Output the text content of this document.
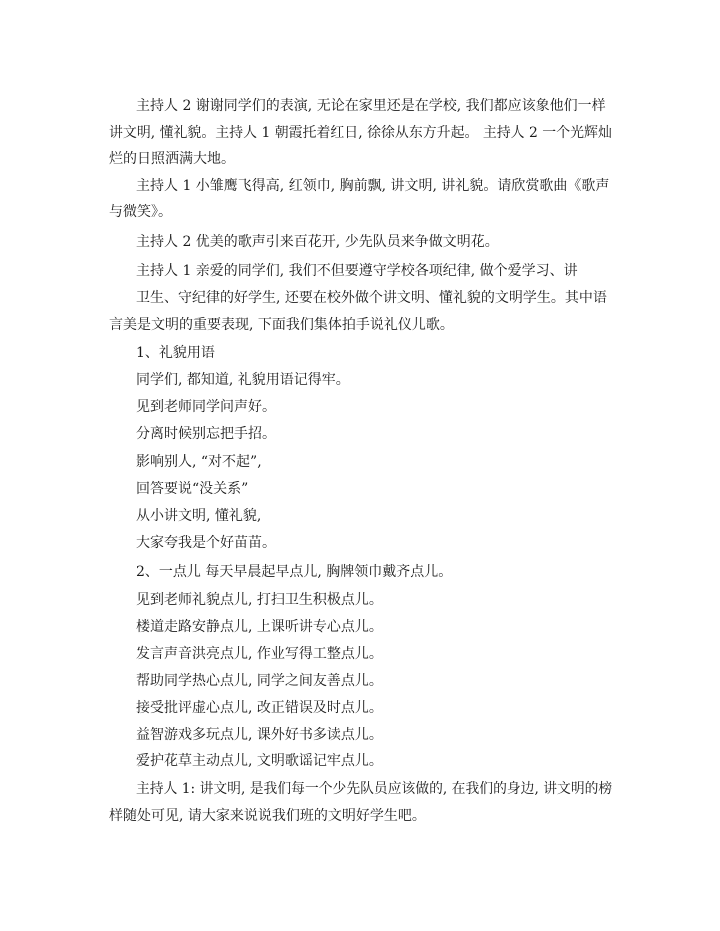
主持人 2 谢谢同学们的表演, 无论在家里还是在学校, 我们都应该象他们一样
讲文明, 懂礼貌。主持人 1 朝霞托着红日, 徐徐从东方升起。 主持人 2 一个光辉灿
烂的日照洒满大地。
主持人 1 小雏鹰飞得高, 红领巾, 胸前飘, 讲文明, 讲礼貌。请欣赏歌曲《歌声
与微笑》。
主持人 2 优美的歌声引来百花开, 少先队员来争做文明花。
主持人 1 亲爱的同学们, 我们不但要遵守学校各项纪律, 做个爱学习、讲
卫生、守纪律的好学生, 还要在校外做个讲文明、懂礼貌的文明学生。其中语
言美是文明的重要表现, 下面我们集体拍手说礼仪儿歌。
1、礼貌用语
同学们, 都知道, 礼貌用语记得牢。
见到老师同学问声好。
分离时候别忘把手招。
影响别人, “对不起”,
回答要说“没关系”
从小讲文明, 懂礼貌,
大家夸我是个好苗苗。
2、一点儿 每天早晨起早点儿, 胸牌领巾戴齐点儿。
见到老师礼貌点儿, 打扫卫生积极点儿。
楼道走路安静点儿, 上课听讲专心点儿。
发言声音洪亮点儿, 作业写得工整点儿。
帮助同学热心点儿, 同学之间友善点儿。
接受批评虚心点儿, 改正错误及时点儿。
益智游戏多玩点儿, 课外好书多读点儿。
爱护花草主动点儿, 文明歌谣记牢点儿。
主持人 1: 讲文明, 是我们每一个少先队员应该做的, 在我们的身边, 讲文明的榜
样随处可见, 请大家来说说我们班的文明好学生吧。
